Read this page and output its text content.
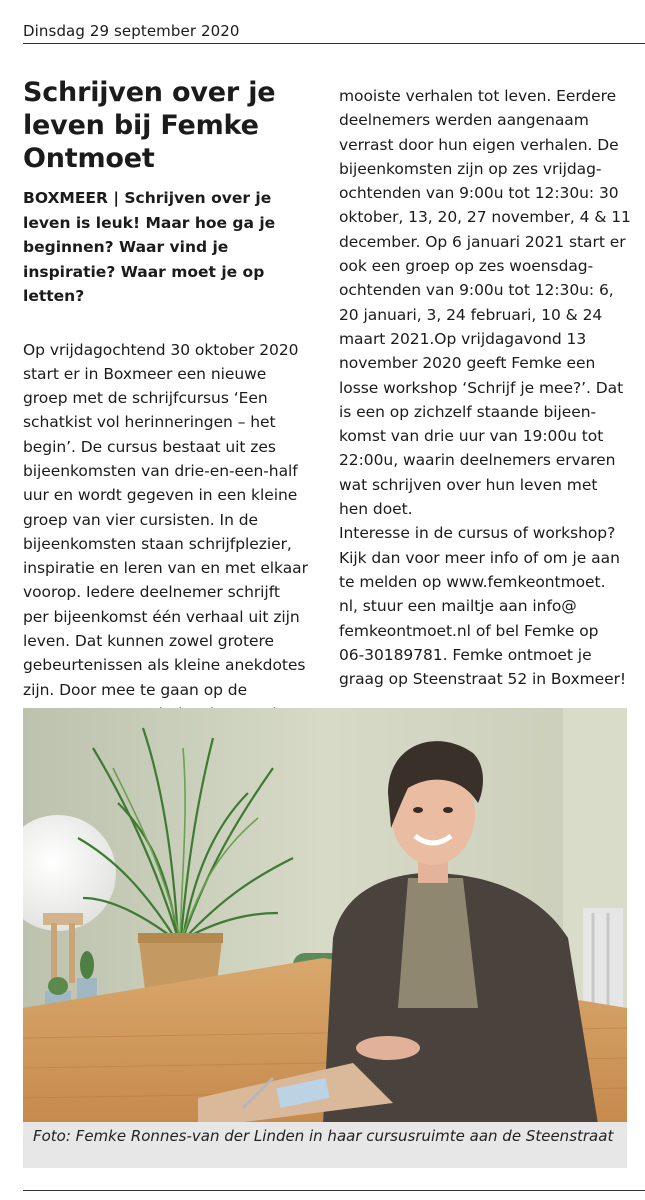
Dinsdag 29 september 2020
Schrijven over je leven bij Femke Ontmoet

BOXMEER | Schrijven over je leven is leuk! Maar hoe ga je beginnen? Waar vind je inspiratie? Waar moet je op letten?

Op vrijdagochtend 30 oktober 2020
start er in Boxmeer een nieuwe
groep met de schrijfcursus ‘Een
schatkist vol herinneringen – het
begin’. De cursus bestaat uit zes
bijeenkomsten van drie-en-een-half
uur en wordt gegeven in een kleine
groep van vier cursisten. In de
bijeenkomsten staan schrijfplezier,
inspiratie en leren van en met elkaar
voorop. Iedere deelnemer schrijft
per bijeenkomst één verhaal uit zijn
leven. Dat kunnen zowel grotere
gebeurtenissen als kleine anekdotes
zijn. Door mee te gaan op de

mooiste verhalen tot leven. Eerdere
deelnemers werden aangenaam
verrast door hun eigen verhalen. De
bijeenkomsten zijn op zes vrijdag-
ochtenden van 9:00u tot 12:30u: 30
oktober, 13, 20, 27 november, 4 & 11
december. Op 6 januari 2021 start er
ook een groep op zes woensdag-
ochtenden van 9:00u tot 12:30u: 6,
20 januari, 3, 24 februari, 10 & 24
maart 2021.Op vrijdagavond 13
november 2020 geeft Femke een
losse workshop ‘Schrijf je mee?’. Dat
is een op zichzelf staande bijeen-
komst van drie uur van 19:00u tot
22:00u, waarin deelnemers ervaren
wat schrijven over hun leven met
hen doet.
Interesse in de cursus of workshop?
Kijk dan voor meer info of om je aan
te melden op www.femkeontmoet.
nl, stuur een mailtje aan info@
femkeontmoet.nl of bel Femke op
06-30189781. Femke ontmoet je
graag op Steenstraat 52 in Boxmeer!

Foto: Femke Ronnes-van der Linden in haar cursusruimte aan de Steenstraat
